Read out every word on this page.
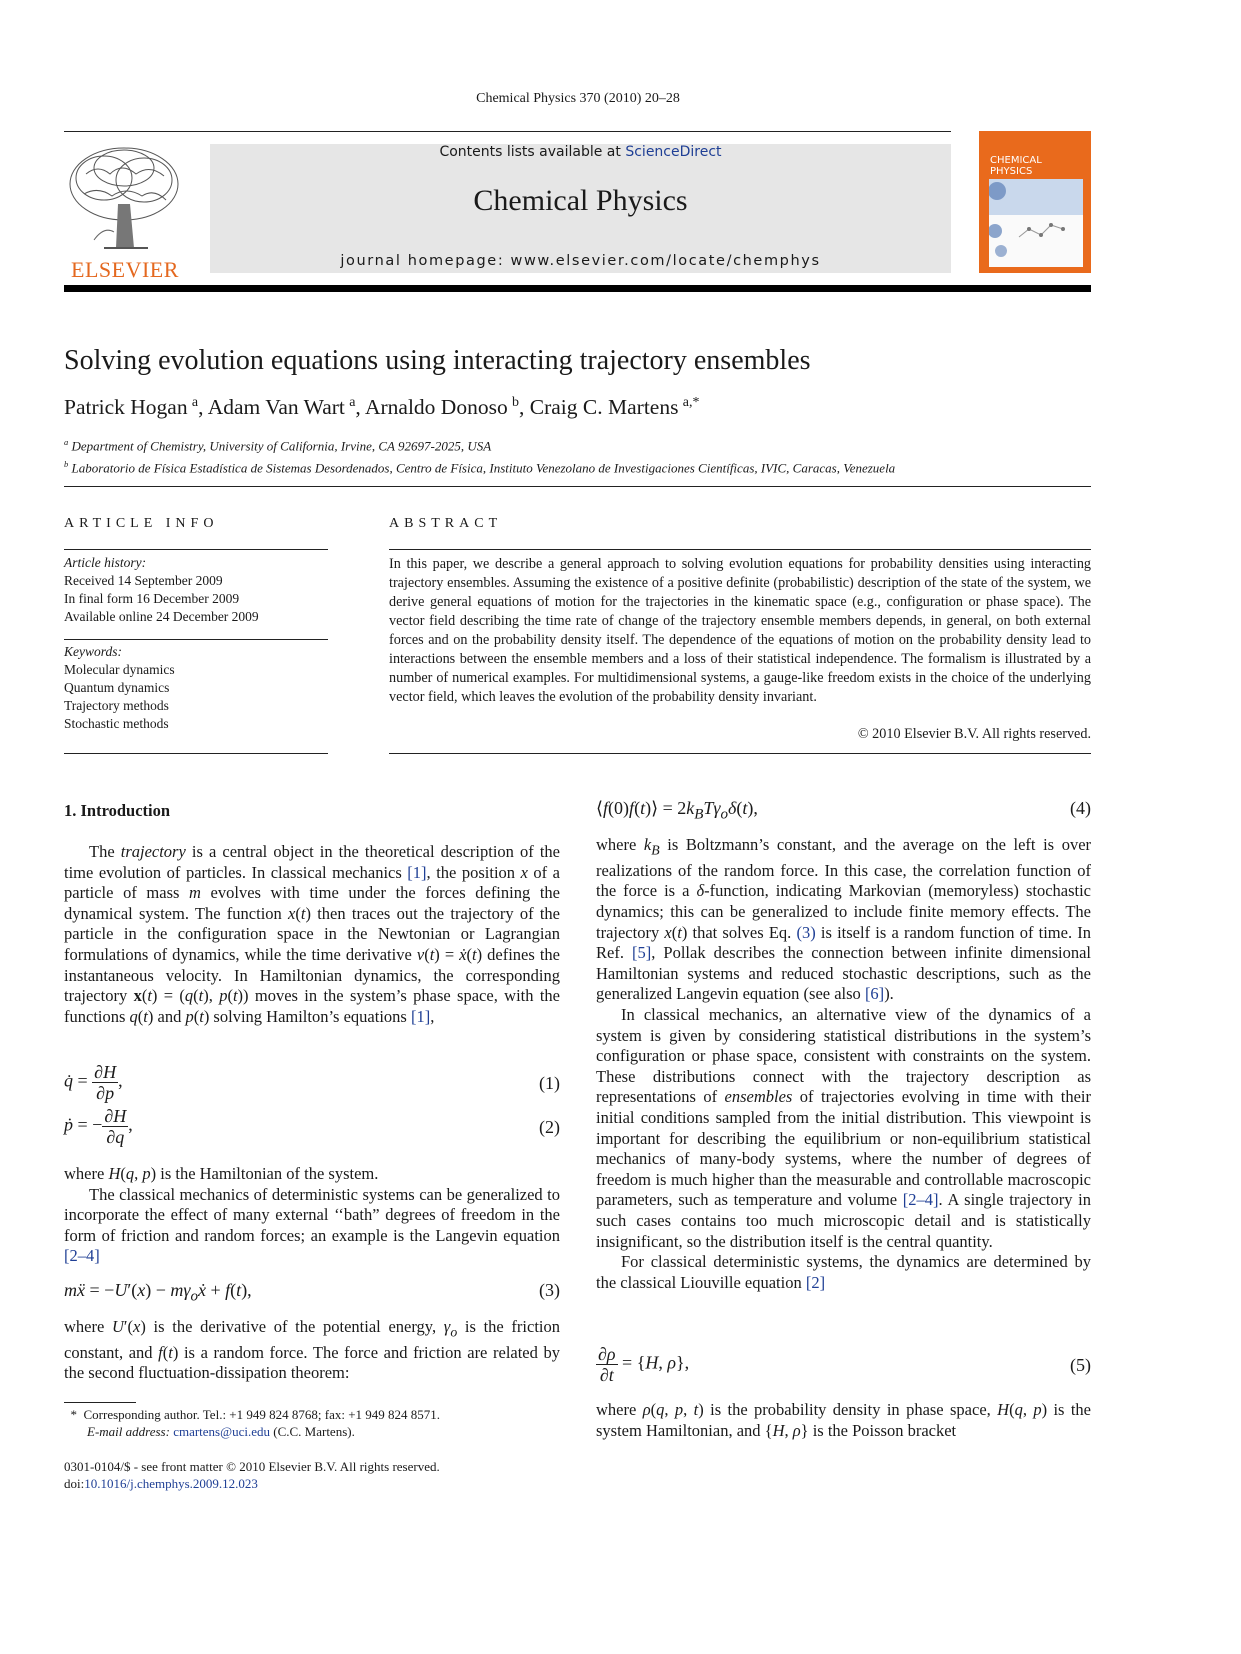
Chemical Physics 370 (2010) 20–28
ELSEVIER
Contents lists available at ScienceDirect
Chemical Physics
journal homepage: www.elsevier.com/locate/chemphys
CHEMICAL
PHYSICS
Solving evolution equations using interacting trajectory ensembles
Patrick Hogan  $^a$, Adam Van Wart  $^a$, Arnaldo Donoso  $^b$, Craig C. Martens  $^{a,*}$
$^a$ Department of Chemistry, University of California, Irvine, CA 92697-2025, USA
$^b$ Laboratorio de Física Estadística de Sistemas Desordenados, Centro de Física, Instituto Venezolano de Investigaciones Científicas, IVIC, Caracas, Venezuela
ARTICLE INFO
Article history:
Received 14 September 2009
In final form 16 December 2009
Available online 24 December 2009
Keywords:
Molecular dynamics
Quantum dynamics
Trajectory methods
Stochastic methods
ABSTRACT
In this paper, we describe a general approach to solving evolution equations for probability densities using interacting trajectory ensembles. Assuming the existence of a positive definite (probabilistic) description of the state of the system, we derive general equations of motion for the trajectories in the kinematic space (e.g., configuration or phase space). The vector field describing the time rate of change of the trajectory ensemble members depends, in general, on both external forces and on the probability density itself. The dependence of the equations of motion on the probability density lead to interactions between the ensemble members and a loss of their statistical independence. The formalism is illustrated by a number of numerical examples. For multidimensional systems, a gauge-like freedom exists in the choice of the underlying vector field, which leaves the evolution of the probability density invariant.
© 2010 Elsevier B.V. All rights reserved.
1. Introduction

The trajectory is a central object in the theoretical description of the time evolution of particles. In classical mechanics [1], the position x of a particle of mass m evolves with time under the forces defining the dynamical system. The function x(t) then traces out the trajectory of the particle in the configuration space in the Newtonian or Lagrangian formulations of dynamics, while the time derivative v(t) = ẋ(t) defines the instantaneous velocity. In Hamiltonian dynamics, the corresponding trajectory x(t) = (q(t), p(t)) moves in the system’s phase space, with the functions q(t) and p(t) solving Hamilton’s equations [1],

q̇ = $\frac{\partial H}{\partial p}$ ,	(1)
ṗ = − $\frac{\partial H}{\partial q}$ ,	(2)

where H(q, p) is the Hamiltonian of the system.

The classical mechanics of deterministic systems can be generalized to incorporate the effect of many external ‘‘bath” degrees of freedom in the form of friction and random forces; an example is the Langevin equation [2–4]

mẍ = $-U'(x) - m\gamma_oẋ + f(t)$,	(3)

where U′(x) is the derivative of the potential energy, $\gamma_o$ is the friction constant, and f(t) is a random force. The force and friction are related by the second fluctuation-dissipation theorem:

*  Corresponding author. Tel.: +1 949 824 8768; fax: +1 949 824 8571.
E-mail address: cmartens@uci.edu (C.C. Martens).
0301-0104/$ - see front matter © 2010 Elsevier B.V. All rights reserved.
doi:10.1016/j.chemphys.2009.12.023
⟨f(0)f(t)⟩ = $2k_BT\gamma_o\delta(t)$,	(4)

where $k_B$ is Boltzmann’s constant, and the average on the left is over realizations of the random force. In this case, the correlation function of the force is a δ-function, indicating Markovian (memoryless) stochastic dynamics; this can be generalized to include finite memory effects. The trajectory x(t) that solves Eq. (3) is itself is a random function of time. In Ref. [5], Pollak describes the connection between infinite dimensional Hamiltonian systems and reduced stochastic descriptions, such as the generalized Langevin equation (see also [6]).

In classical mechanics, an alternative view of the dynamics of a system is given by considering statistical distributions in the system’s configuration or phase space, consistent with constraints on the system. These distributions connect with the trajectory description as representations of ensembles of trajectories evolving in time with their initial conditions sampled from the initial distribution. This viewpoint is important for describing the equilibrium or non-equilibrium statistical mechanics of many-body systems, where the number of degrees of freedom is much higher than the measurable and controllable macroscopic parameters, such as temperature and volume [2–4]. A single trajectory in such cases contains too much microscopic detail and is statistically insignificant, so the distribution itself is the central quantity.

For classical deterministic systems, the dynamics are determined by the classical Liouville equation [2]

$\frac{\partial\rho}{\partial t} = \{H$, ρ},	(5)

where ρ(q, p, t) is the probability density in phase space, H(q, p) is the system Hamiltonian, and {H, ρ} is the Poisson bracket
